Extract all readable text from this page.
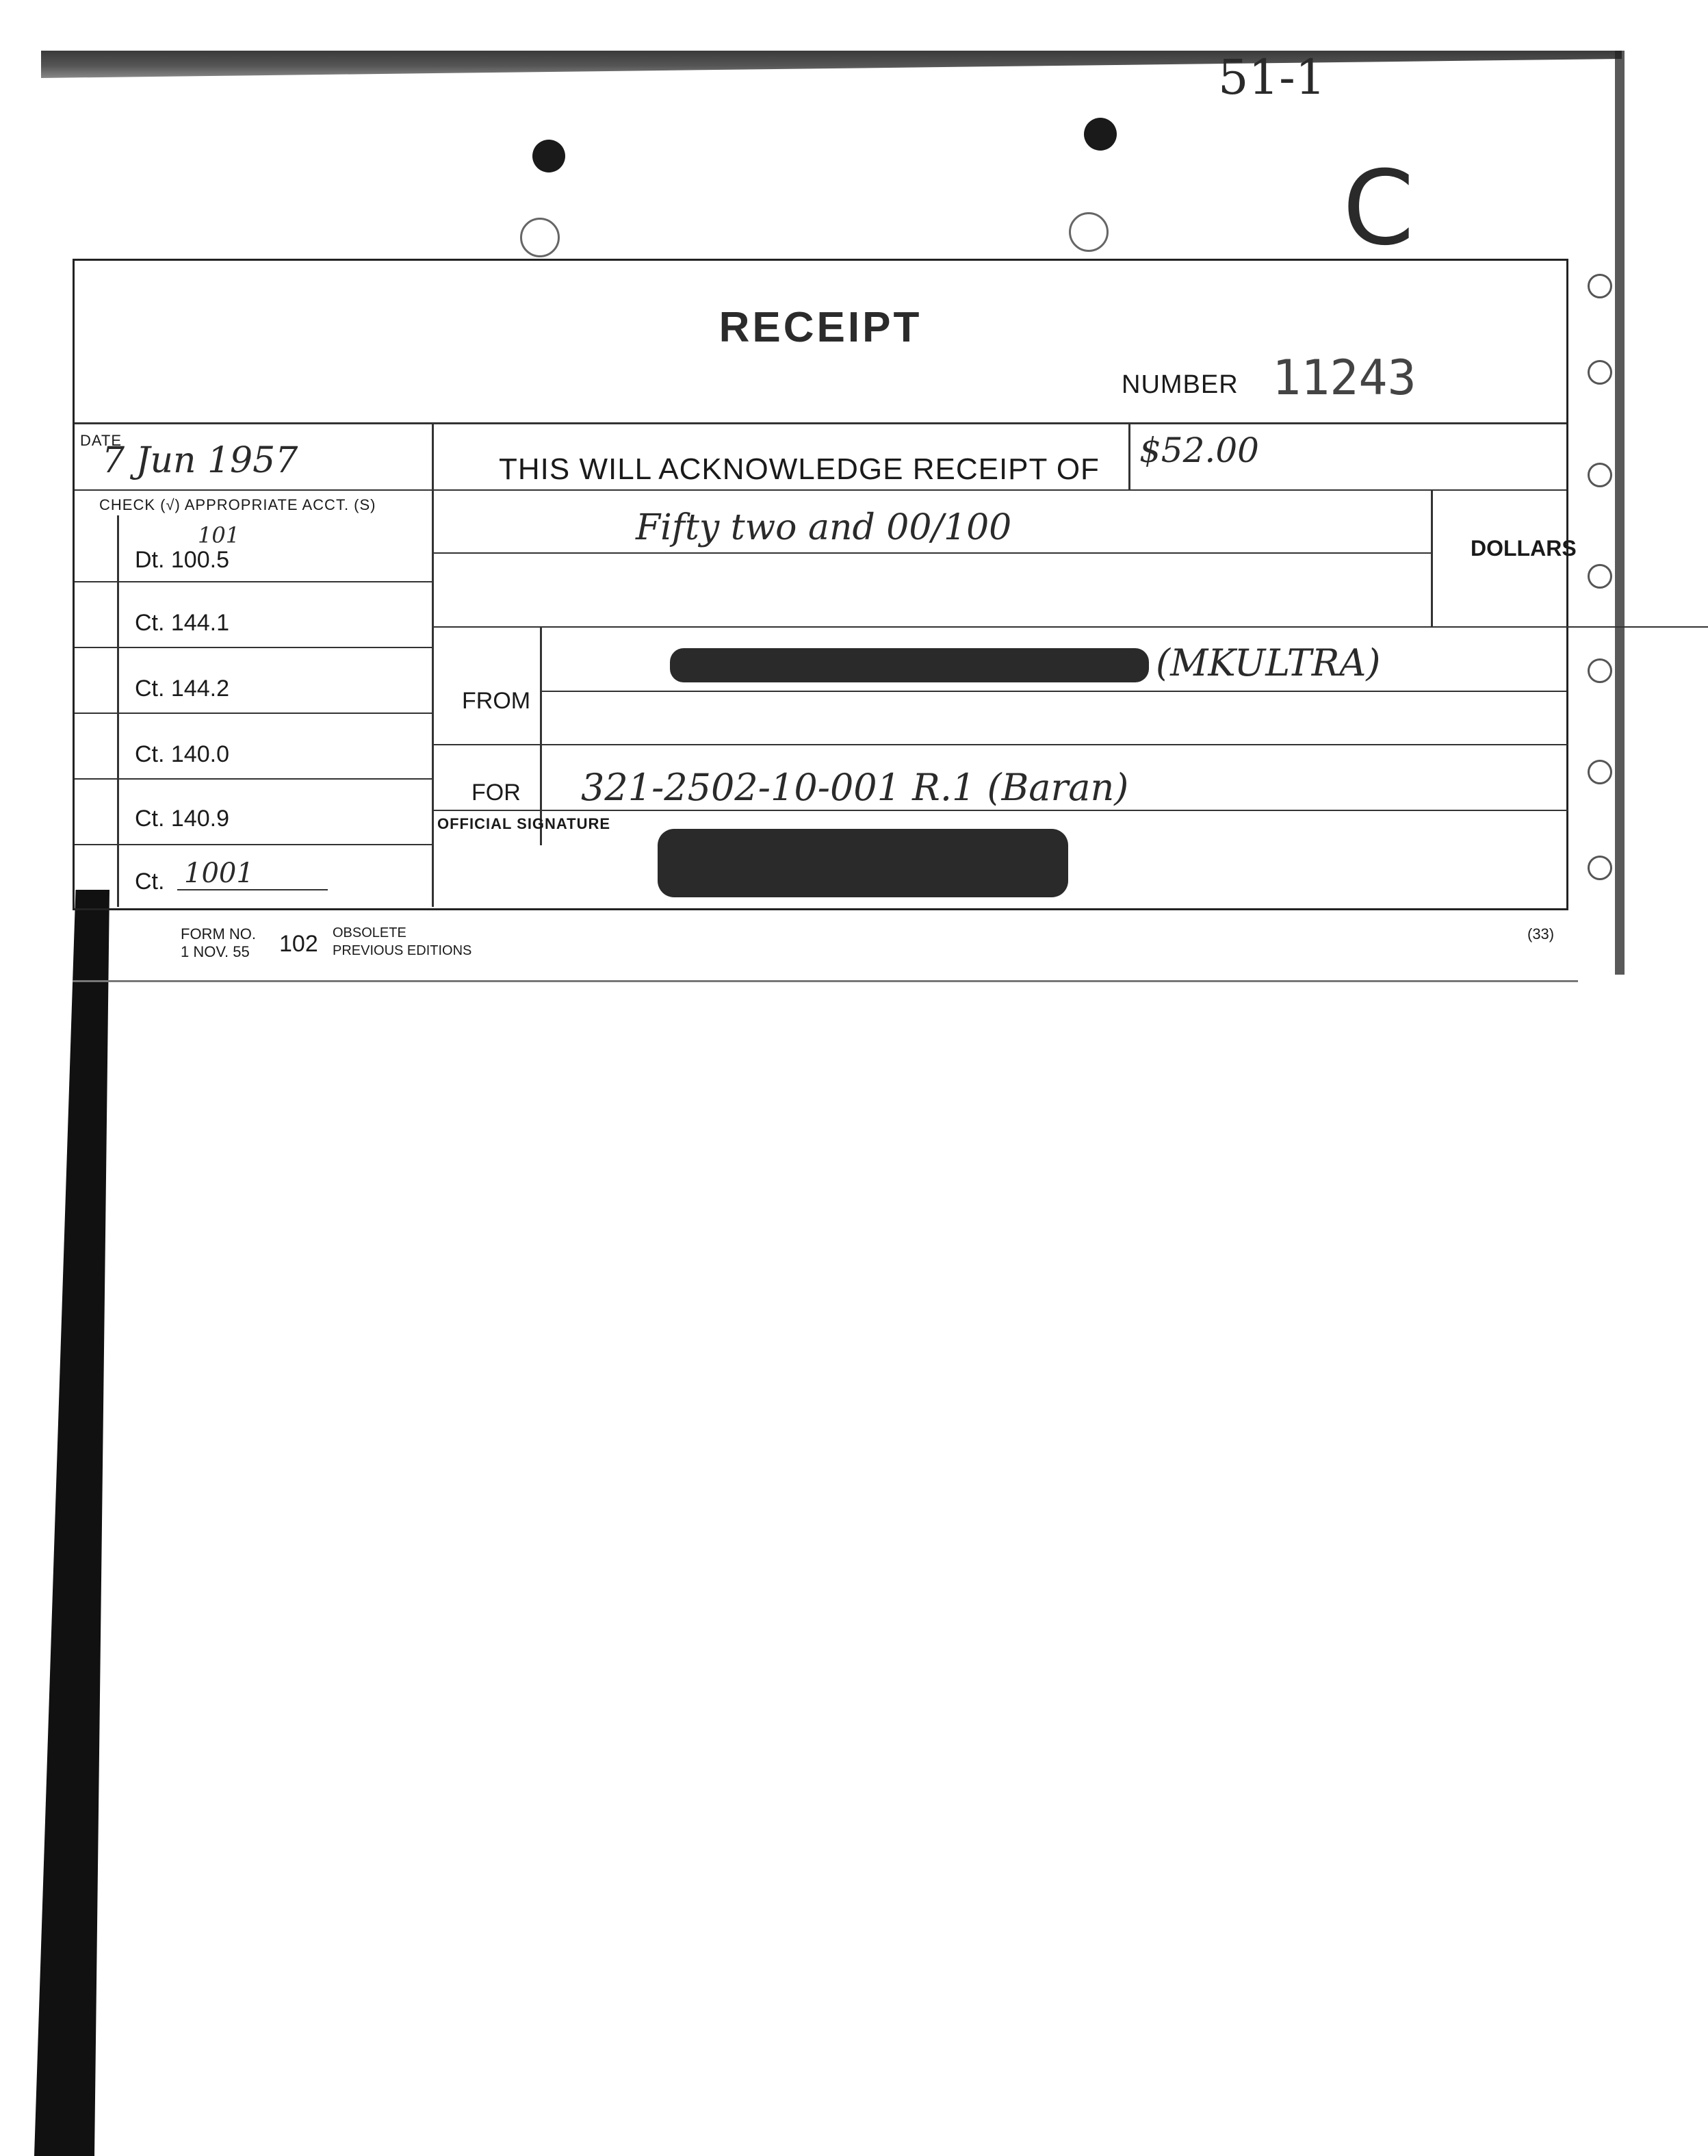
51-1
C
RECEIPT
NUMBER 11243
DATE
7 Jun 1957	THIS WILL ACKNOWLEDGE RECEIPT OF $52.00
CHECK (√) APPROPRIATE ACCT. (S)
101
Dt. 100.5
Ct. 144.1
Ct. 144.2
Ct. 140.0
Ct. 140.9
Ct. 1001
Fifty two and 00/100	DOLLARS
FROM
(MKULTRA)
FOR 321-2502-10-001 R.1 (Baran)
OFFICIAL SIGNATURE
FORM NO.
1 NOV. 55 102 OBSOLETE
PREVIOUS EDITIONS
(33)
